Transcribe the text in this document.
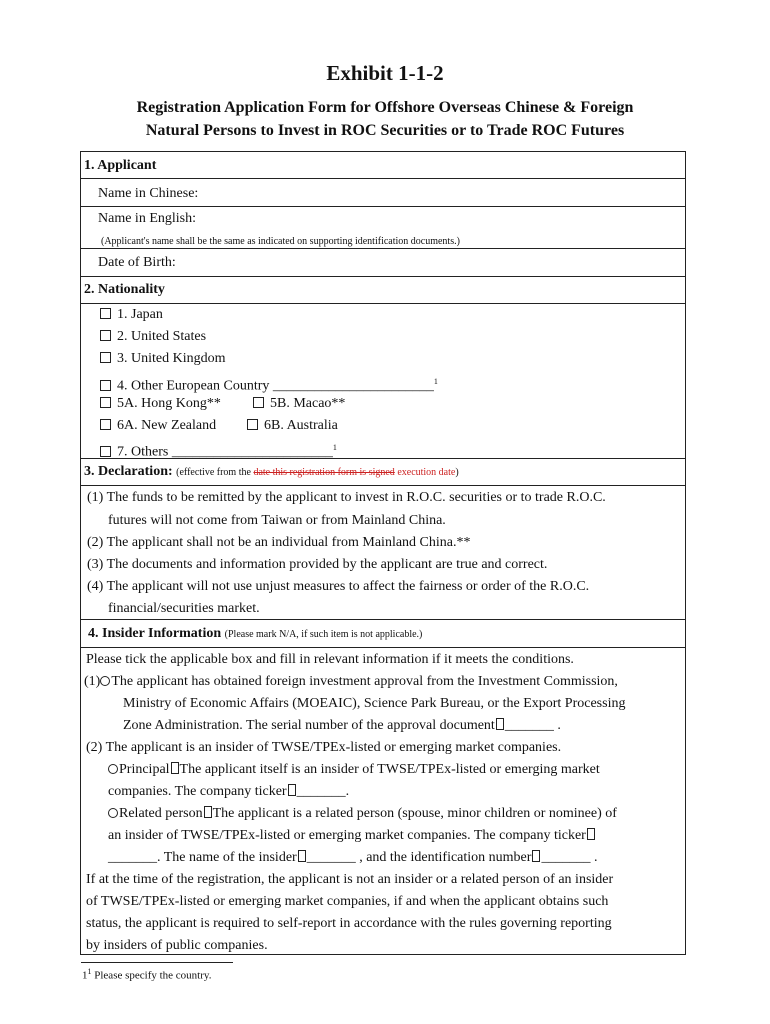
Exhibit 1-1-2
Registration Application Form for Offshore Overseas Chinese & Foreign
Natural Persons to Invest in ROC Securities or to Trade ROC Futures
1. Applicant
Name in Chinese:
Name in English:
(Applicant's name shall be the same as indicated on supporting identification documents.)
Date of Birth:
2. Nationality
1. Japan
2. United States
3. United Kingdom
4. Other European Country _______________________$^1$
5A. Hong Kong**	5B. Macao**
6A. New Zealand	6B. Australia
7. Others _______________________$^1$
3. Declaration: (effective from the date this registration form is signed execution date)
(1) The funds to be remitted by the applicant to invest in R.O.C. securities or to trade R.O.C.
futures will not come from Taiwan or from Mainland China.
(2) The applicant shall not be an individual from Mainland China.**
(3) The documents and information provided by the applicant are true and correct.
(4) The applicant will not use unjust measures to affect the fairness or order of the R.O.C.
financial/securities market.
4. Insider Information (Please mark N/A, if such item is not applicable.)
Please tick the applicable box and fill in relevant information if it meets the conditions.
(1) The applicant has obtained foreign investment approval from the Investment Commission,
Ministry of Economic Affairs (MOEAIC), Science Park Bureau, or the Export Processing
Zone Administration. The serial number of the approval document _______ .
(2) The applicant is an insider of TWSE/TPEx-listed or emerging market companies.
Principal The applicant itself is an insider of TWSE/TPEx-listed or emerging market
companies. The company ticker _______.
Related person The applicant is a related person (spouse, minor children or nominee) of
an insider of TWSE/TPEx-listed or emerging market companies. The company ticker
_______. The name of the insider _______ , and the identification number _______ .
If at the time of the registration, the applicant is not an insider or a related person of an insider
of TWSE/TPEx-listed or emerging market companies, if and when the applicant obtains such
status, the applicant is required to self-report in accordance with the rules governing reporting
by insiders of public companies.
$1^1$ Please specify the country.
